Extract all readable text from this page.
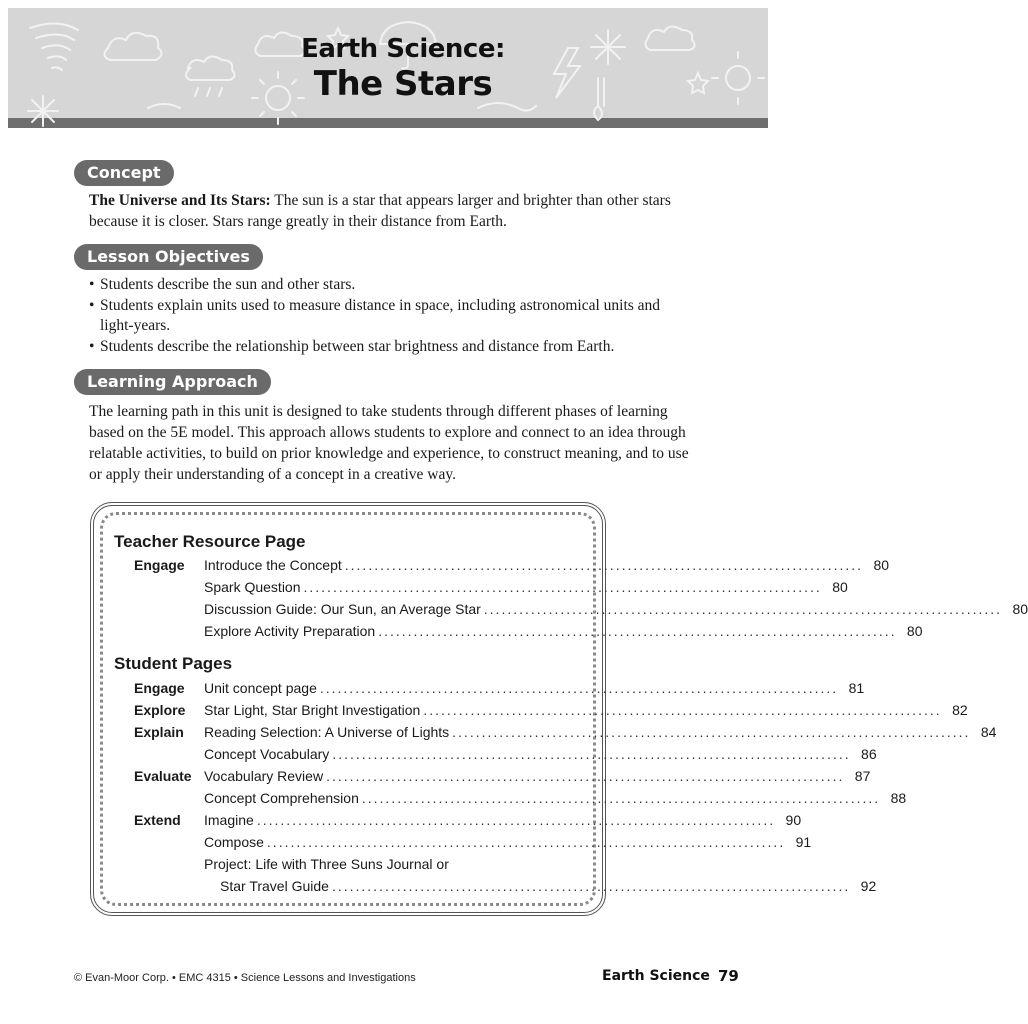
Earth Science:
The Stars
Concept
The Universe and Its Stars: The sun is a star that appears larger and brighter than other stars because it is closer. Stars range greatly in their distance from Earth.
Lesson Objectives
• Students describe the sun and other stars.
• Students explain units used to measure distance in space, including astronomical units and light-years.
• Students describe the relationship between star brightness and distance from Earth.
Learning Approach
The learning path in this unit is designed to take students through different phases of learning based on the 5E model. This approach allows students to explore and connect to an idea through relatable activities, to build on prior knowledge and experience, to construct meaning, and to use or apply their understanding of a concept in a creative way.
Teacher Resource Page
Engage	Introduce the Concept ........................................................................................ 80
Spark Question ........................................................................................ 80
Discussion Guide: Our Sun, an Average Star ........................................................................................ 80
Explore Activity Preparation ........................................................................................ 80
Student Pages
Engage	Unit concept page ........................................................................................ 81
Explore	Star Light, Star Bright Investigation ........................................................................................ 82
Explain	Reading Selection: A Universe of Lights ........................................................................................ 84
Concept Vocabulary ........................................................................................ 86
Evaluate Vocabulary Review ........................................................................................ 87
Concept Comprehension ........................................................................................ 88
Extend	Imagine ........................................................................................ 90
Compose ........................................................................................ 91
Project: Life with Three Suns Journal or
Star Travel Guide ........................................................................................ 92
© Evan-Moor Corp. • EMC 4315 • Science Lessons and Investigations	Earth Science 79
